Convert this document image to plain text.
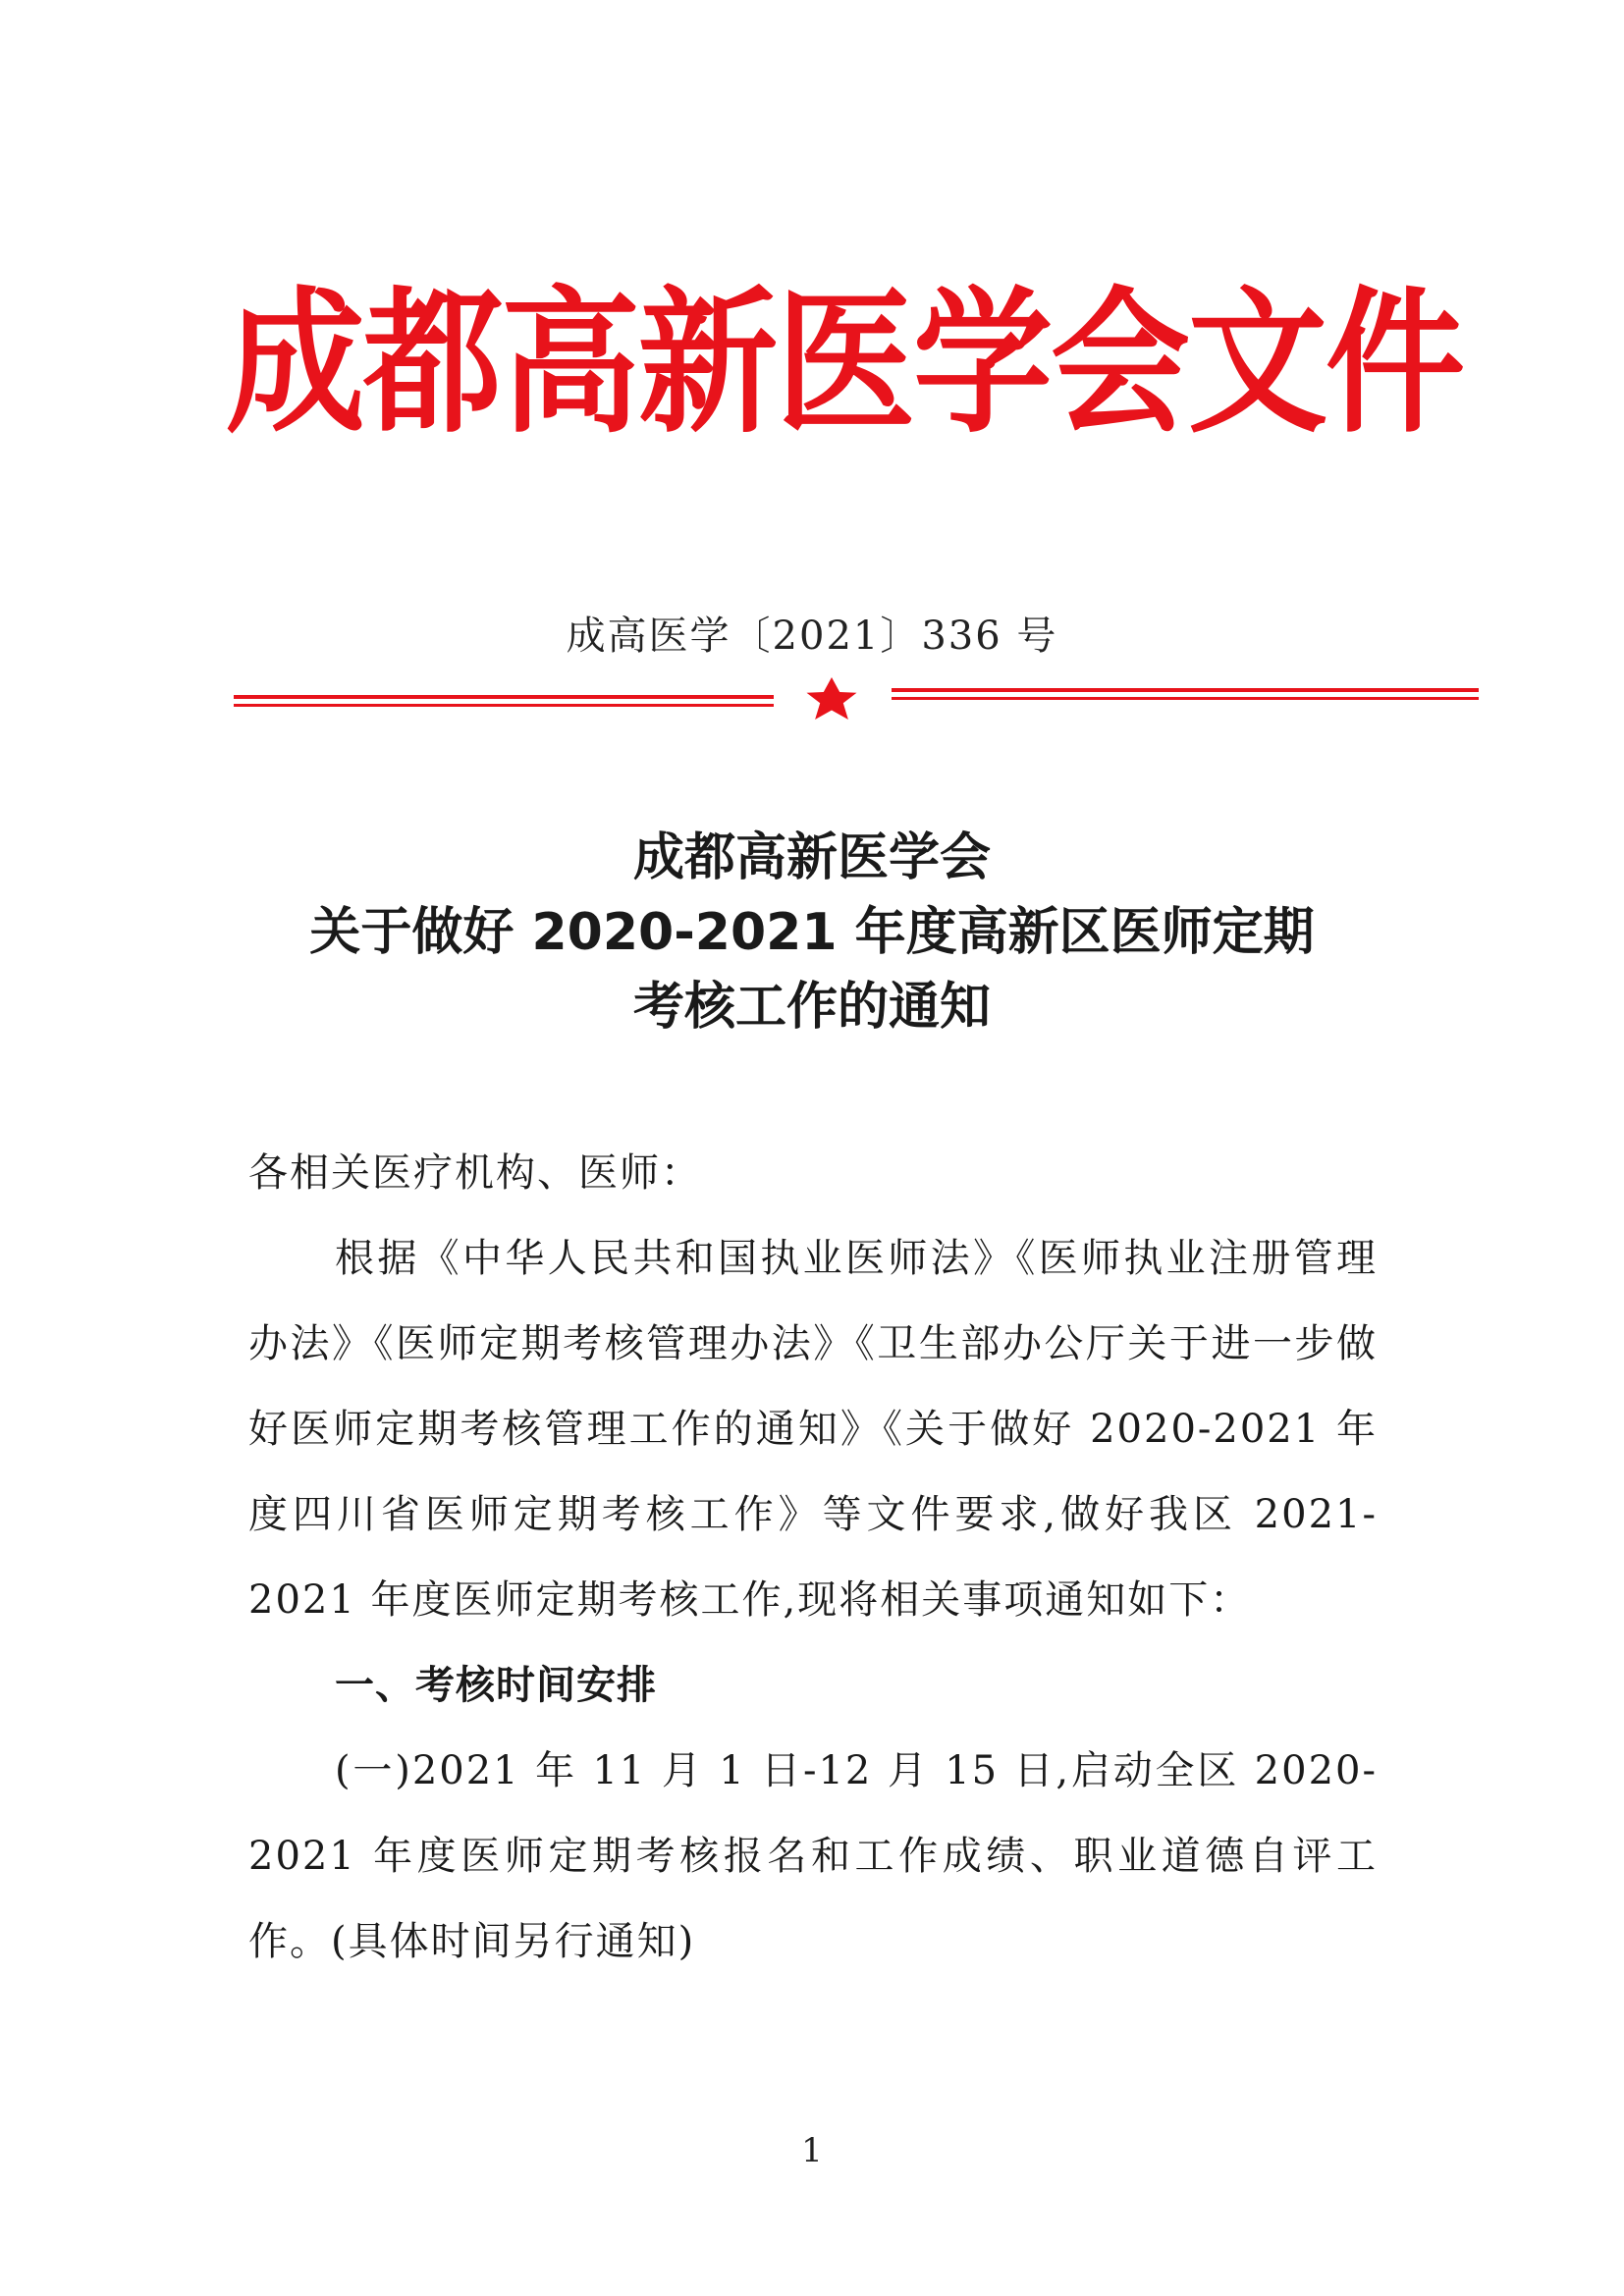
成都高新医学会文件
成高医学〔2021〕336 号
成都高新医学会
关于做好 2020-2021 年度高新区医师定期
考核工作的通知

各相关医疗机构、医师：

根据《中华人民共和国执业医师法》《医师执业注册管理办法》《医师定期考核管理办法》《卫生部办公厅关于进一步做好医师定期考核管理工作的通知》《关于做好 2020-2021 年度四川省医师定期考核工作》等文件要求,做好我区 2021-2021 年度医师定期考核工作,现将相关事项通知如下：

一、考核时间安排

(一)2021 年 11 月 1 日-12 月 15 日,启动全区 2020-2021 年度医师定期考核报名和工作成绩、职业道德自评工作。(具体时间另行通知)

1
